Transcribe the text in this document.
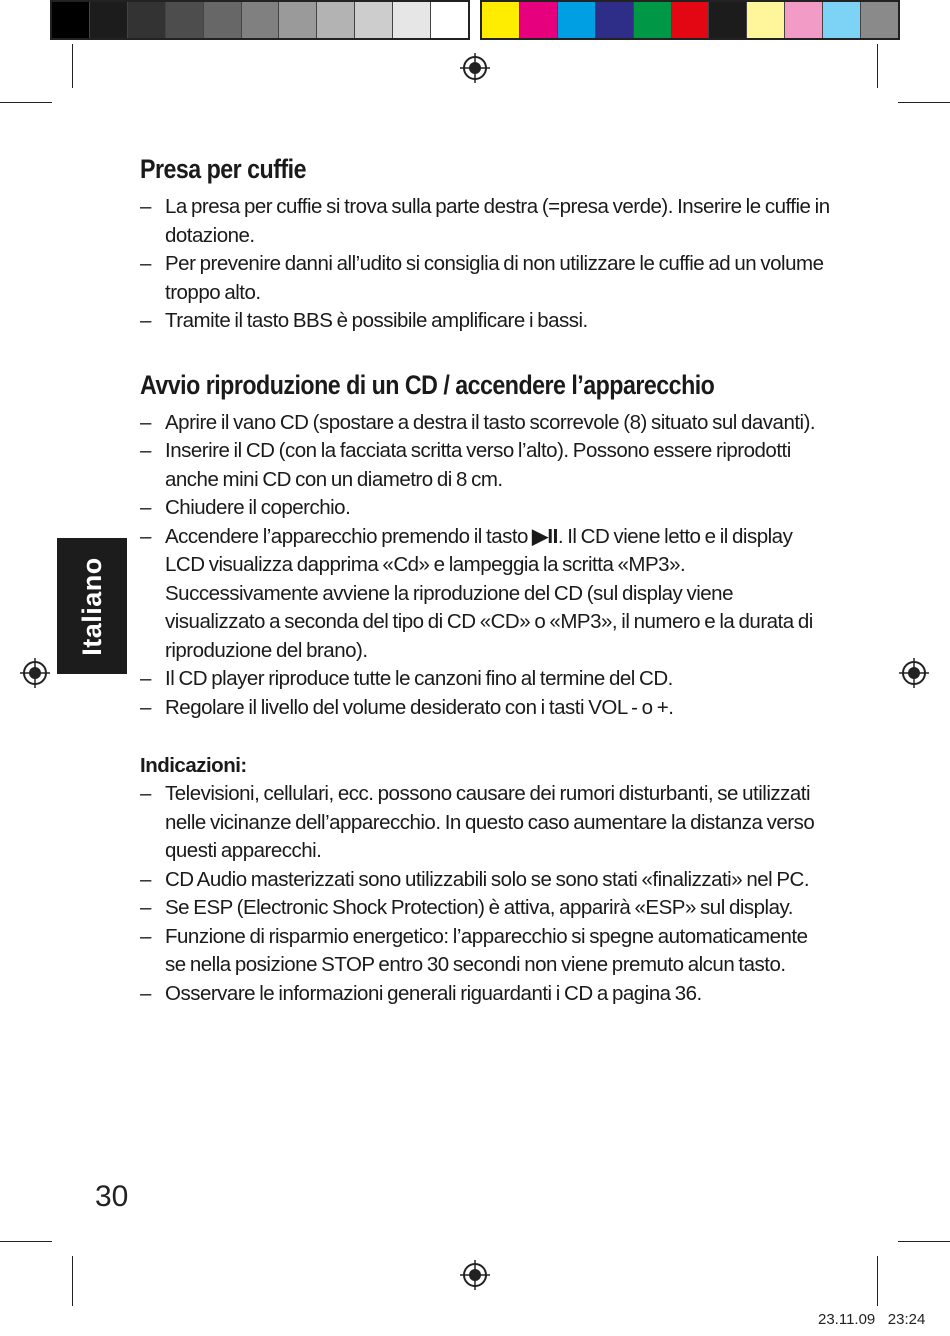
Italiano
Presa per cuffie
– La presa per cuffie si trova sulla parte destra (=presa verde). Inserire le cuffie in dotazione.
– Per prevenire danni all’udito si consiglia di non utilizzare le cuffie ad un volume troppo alto.
– Tramite il tasto BBS è possibile amplificare i bassi.
Avvio riproduzione di un CD / accendere l’apparecchio
– Aprire il vano CD (spostare a destra il tasto scorrevole (8) situato sul davanti).
– Inserire il CD (con la facciata scritta verso l’alto). Possono essere riprodotti anche mini CD con un diametro di 8 cm.
– Chiudere il coperchio.
– Accendere l’apparecchio premendo il tasto ▶II. Il CD viene letto e il display LCD visualizza dapprima «Cd» e lampeggia la scritta «MP3». Successivamente avviene la riproduzione del CD (sul display viene visualizzato a seconda del tipo di CD «CD» o «MP3», il numero e la durata di riproduzione del brano).
– Il CD player riproduce tutte le canzoni fino al termine del CD.
– Regolare il livello del volume desiderato con i tasti VOL - o +.
Indicazioni:
– Televisioni, cellulari, ecc. possono causare dei rumori disturbanti, se utilizzati nelle vicinanze dell’apparecchio. In questo caso aumentare la distanza verso questi apparecchi.
– CD Audio masterizzati sono utilizzabili solo se sono stati «finalizzati» nel PC.
– Se ESP (Electronic Shock Protection) è attiva, apparirà «ESP» sul display.
– Funzione di risparmio energetico: l’apparecchio si spegne automaticamente se nella posizione STOP entro 30 secondi non viene premuto alcun tasto.
– Osservare le informazioni generali riguardanti i CD a pagina 36.
30
23.11.09 23:24
